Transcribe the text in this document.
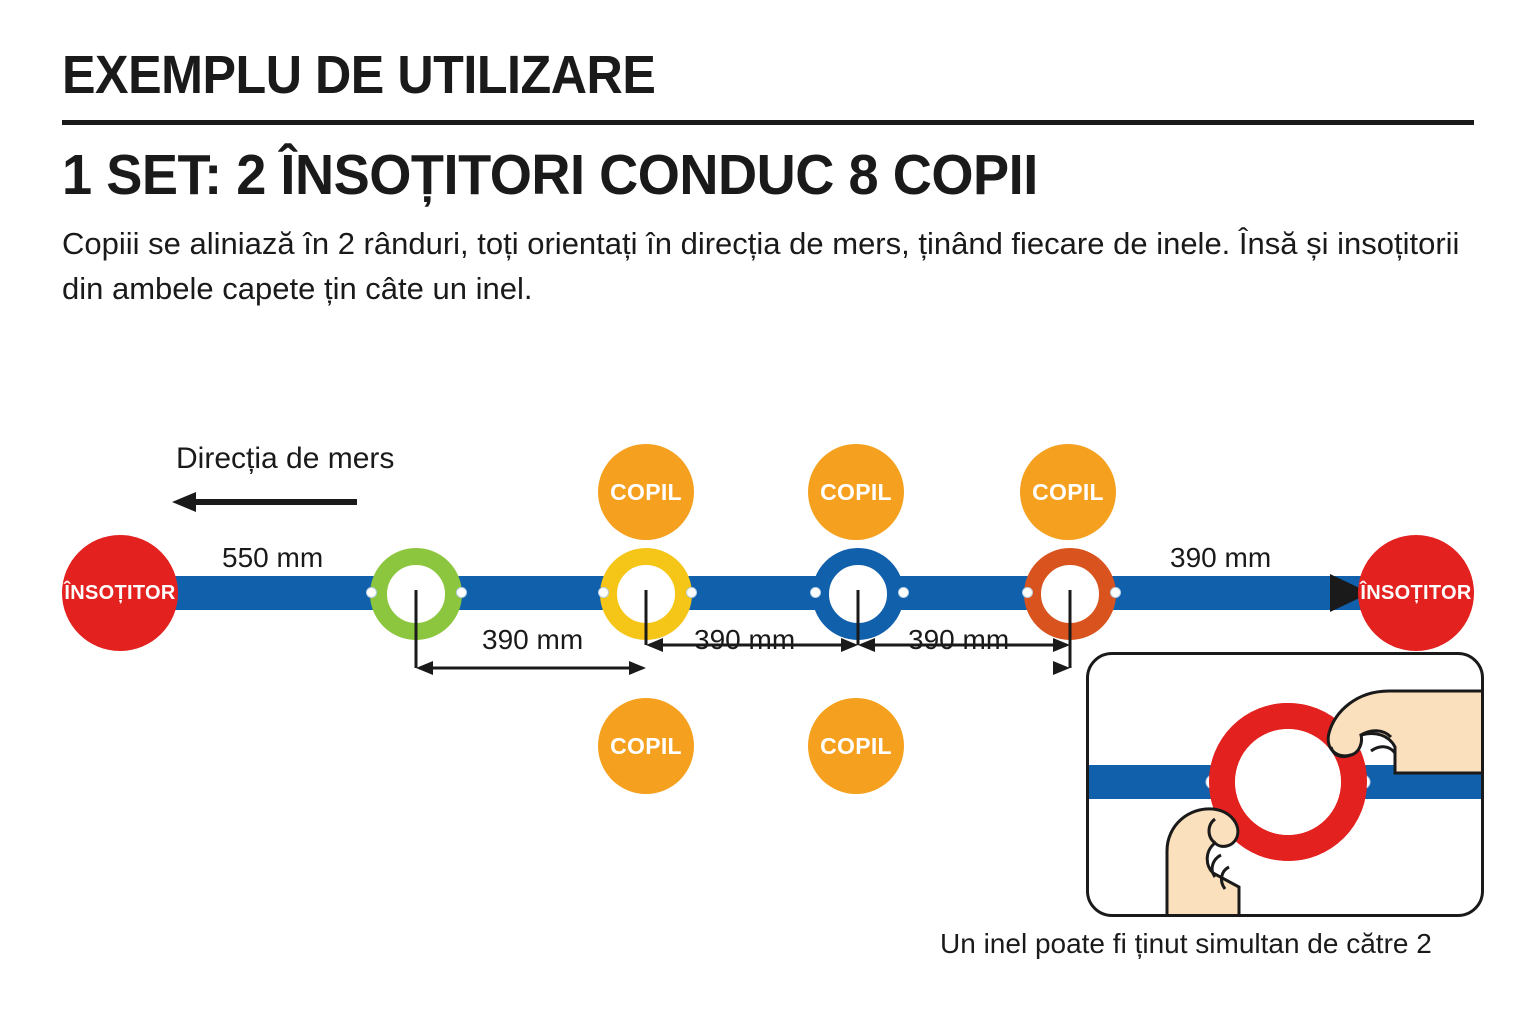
EXEMPLU DE UTILIZARE
1 SET: 2 ÎNSOȚITORI CONDUC 8 COPII
Copiii se aliniază în 2 rânduri, toți orientați în direcția de mers, ținând fiecare de inele. Însă și insoțitorii din ambele capete țin câte un inel.
Direcția de mers
ÎNSOȚITOR	ÎNSOȚITOR
COPIL	COPIL	COPIL
COPIL	COPIL
550 mm	390 mm
390 mm	390 mm	390 mm
Un inel poate fi ținut simultan de către 2
